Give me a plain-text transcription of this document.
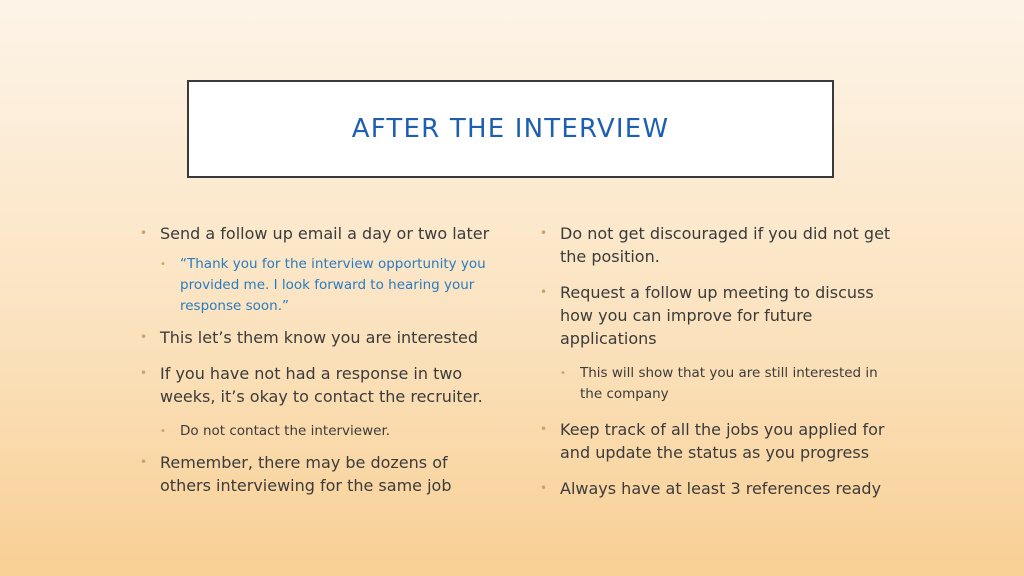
AFTER THE INTERVIEW
• Send a follow up email a day or two later
• “Thank you for the interview opportunity you provided me. I look forward to hearing your response soon.”
• This let’s them know you are interested
• If you have not had a response in two weeks, it’s okay to contact the recruiter.
• Do not contact the interviewer.
• Remember, there may be dozens of others interviewing for the same job
• Do not get discouraged if you did not get the position.
• Request a follow up meeting to discuss how you can improve for future applications
• This will show that you are still interested in the company
• Keep track of all the jobs you applied for and update the status as you progress
• Always have at least 3 references ready
